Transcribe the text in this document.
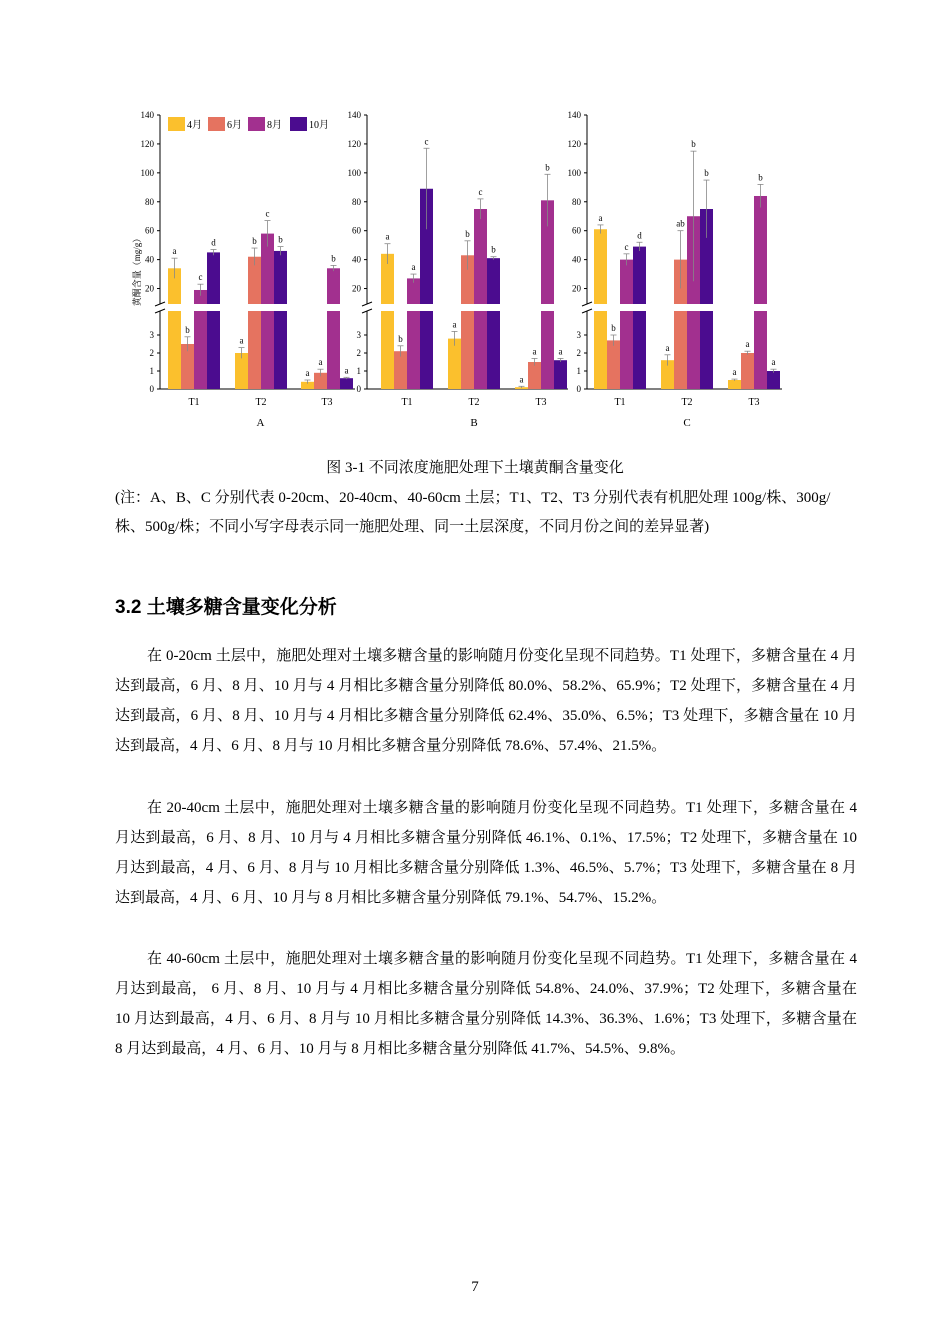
0
1
2
3
20
40
60
80
100
120
140
a
a
a
b
b
a
c
c
b
d	b
a
T1	T2	T3
A
0
1
2
3
20
40
60
80
100
120
140
a
a
a
b
b
a
a
c
b
c
b
a
T1	T2	T3
B
0
1
2
3
20
40
60
80
100
120
140
a
a
a
b
ab
a
c
b
b
d
b
a
T1	T2	T3
C
黄酮含量（mg/g）
4月	6月	8月	10月
图 3-1 不同浓度施肥处理下土壤黄酮含量变化
(注：A、B、C 分别代表 0-20cm、20-40cm、40-60cm 土层；T1、T2、T3 分别代表有机肥处理 100g/株、300g/株、500g/株；不同小写字母表示同一施肥处理、同一土层深度，不同月份之间的差异显著)
3.2 土壤多糖含量变化分析

在 0-20cm 土层中，施肥处理对土壤多糖含量的影响随月份变化呈现不同趋势。T1 处理下，多糖含量在 4 月达到最高，6 月、8 月、10 月与 4 月相比多糖含量分别降低 80.0%、58.2%、65.9%；T2 处理下，多糖含量在 4 月达到最高，6 月、8 月、10 月与 4 月相比多糖含量分别降低 62.4%、35.0%、6.5%；T3 处理下，多糖含量在 10 月达到最高，4 月、6 月、8 月与 10 月相比多糖含量分别降低 78.6%、57.4%、21.5%。

在 20-40cm 土层中，施肥处理对土壤多糖含量的影响随月份变化呈现不同趋势。T1 处理下，多糖含量在 4 月达到最高，6 月、8 月、10 月与 4 月相比多糖含量分别降低 46.1%、0.1%、17.5%；T2 处理下，多糖含量在 10 月达到最高，4 月、6 月、8 月与 10 月相比多糖含量分别降低 1.3%、46.5%、5.7%；T3 处理下，多糖含量在 8 月达到最高，4 月、6 月、10 月与 8 月相比多糖含量分别降低 79.1%、54.7%、15.2%。

在 40-60cm 土层中，施肥处理对土壤多糖含量的影响随月份变化呈现不同趋势。T1 处理下，多糖含量在 4 月达到最高， 6 月、8 月、10 月与 4 月相比多糖含量分别降低 54.8%、24.0%、37.9%；T2 处理下，多糖含量在 10 月达到最高，4 月、6 月、8 月与 10 月相比多糖含量分别降低 14.3%、36.3%、1.6%；T3 处理下，多糖含量在 8 月达到最高，4 月、6 月、10 月与 8 月相比多糖含量分别降低 41.7%、54.5%、9.8%。

7
